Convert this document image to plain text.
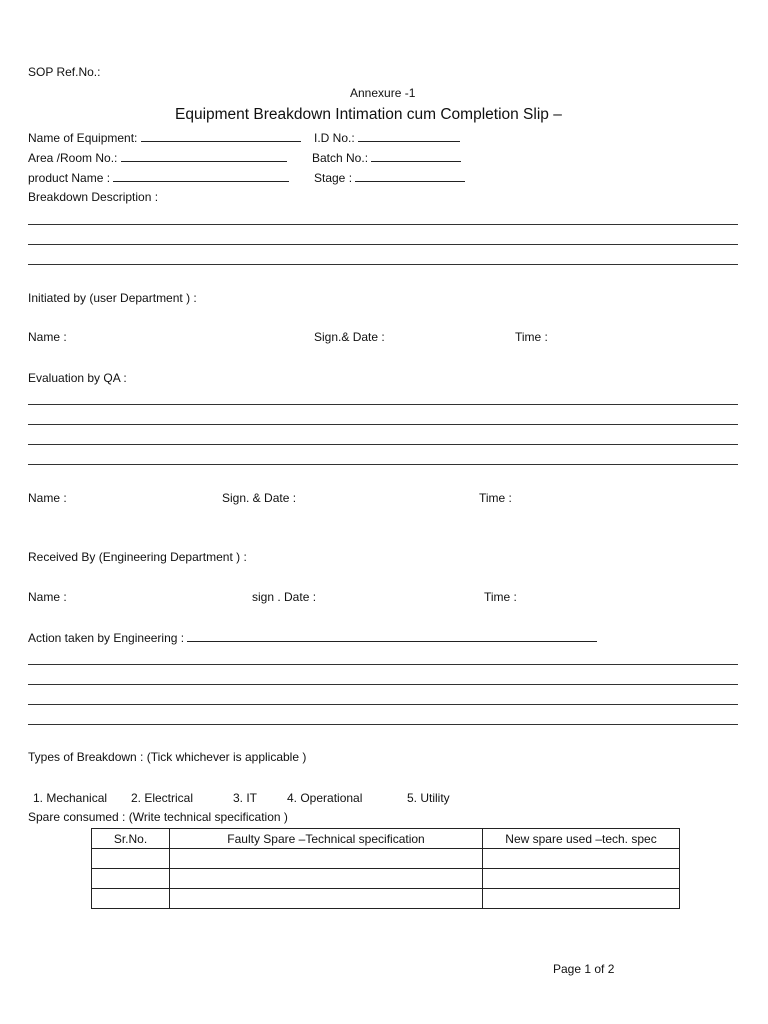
SOP Ref.No.:
Annexure -1
Equipment Breakdown Intimation cum Completion Slip –
Name of Equipment:	I.D No.:
Area /Room No.:	Batch No.:
product Name :	Stage :
Breakdown Description :
Initiated by (user Department ) :
Name :	Sign.& Date :	Time :
Evaluation by QA :
Name :	Sign. & Date :	Time :
Received By (Engineering Department ) :
Name :	sign . Date :	Time :
Action taken by Engineering :
Types of Breakdown : (Tick whichever is applicable )
1. Mechanical 2. Electrical	3. IT 4. Operational	5. Utility
Spare consumed : (Write technical specification )
Sr.No.	Faulty Spare –Technical specification	New spare used –tech. spec

Page 1 of 2
